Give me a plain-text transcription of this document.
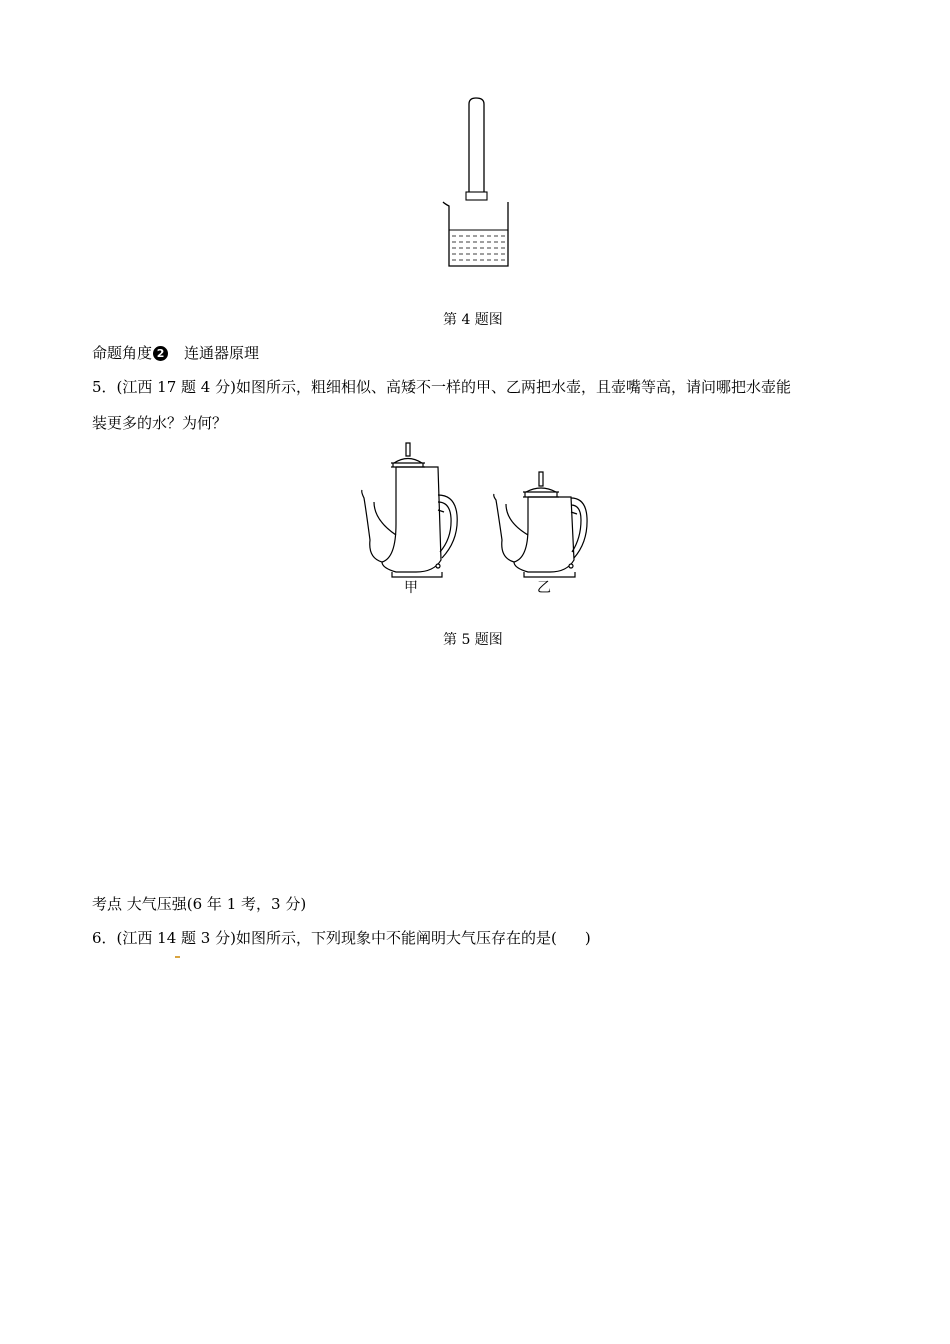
第 4 题图
命题角度 2 连通器原理
5．(江西 17 题 4 分)如图所示，粗细相似、高矮不一样的甲、乙两把水壶，且壶嘴等高，请问哪把水壶能
装更多的水？为何？
甲	乙
第 5 题图
考点 大气压强(6 年 1 考，3 分)
6．(江西 14 题 3 分)如图所示，下列现象中不能阐明大气压存在的是( )
